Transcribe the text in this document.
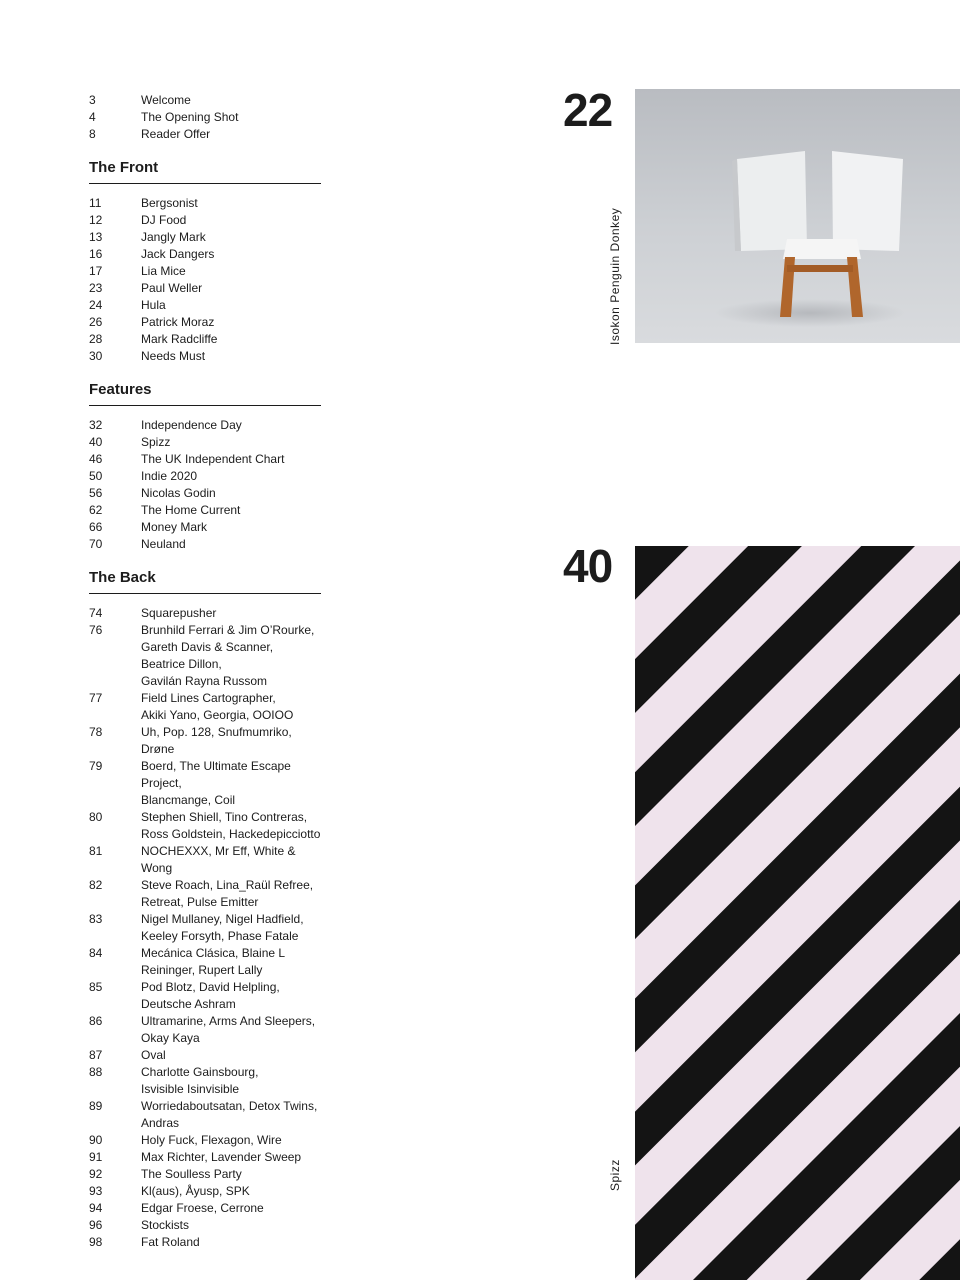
3	Welcome
4	The Opening Shot
8	Reader Offer
The Front
11	Bergsonist
12	DJ Food
13	Jangly Mark
16	Jack Dangers
17	Lia Mice
23	Paul Weller
24	Hula
26	Patrick Moraz
28	Mark Radcliffe
30	Needs Must
Features
32	Independence Day
40	Spizz
46	The UK Independent Chart
50	Indie 2020
56	Nicolas Godin
62	The Home Current
66	Money Mark
70	Neuland
The Back
74	Squarepusher
76	Brunhild Ferrari & Jim O’Rourke,
Gareth Davis & Scanner,
Beatrice Dillon,
Gavilán Rayna Russom
77	Field Lines Cartographer,
Akiki Yano, Georgia, OOIOO
78	Uh, Pop. 128, Snufmumriko, Drøne
79	Boerd, The Ultimate Escape Project,
Blancmange, Coil
80	Stephen Shiell, Tino Contreras,
Ross Goldstein, Hackedepicciotto
81	NOCHEXXX, Mr Eff, White & Wong
82	Steve Roach, Lina_Raül Refree,
Retreat, Pulse Emitter
83	Nigel Mullaney, Nigel Hadfield,
Keeley Forsyth, Phase Fatale
84	Mecánica Clásica, Blaine L
Reininger, Rupert Lally
85	Pod Blotz, David Helpling,
Deutsche Ashram
86	Ultramarine, Arms And Sleepers,
Okay Kaya
87	Oval
88	Charlotte Gainsbourg,
Isvisible Isinvisible
89	Worriedaboutsatan, Detox Twins,
Andras
90	Holy Fuck, Flexagon, Wire
91	Max Richter, Lavender Sweep
92	The Soulless Party
93	Kl(aus), Åyusp, SPK
94	Edgar Froese, Cerrone
96	Stockists
98	Fat Roland
22
Isokon Penguin Donkey
40
Spizz
